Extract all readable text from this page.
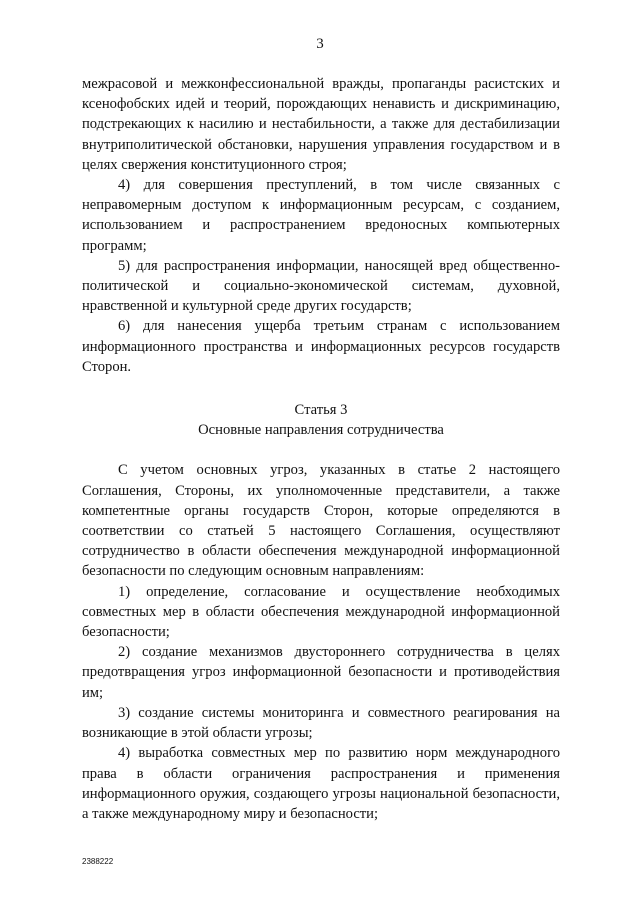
3

межрасовой и межконфессиональной вражды, пропаганды расистских и ксенофобских идей и теорий, порождающих ненависть и дискриминацию, подстрекающих к насилию и нестабильности, а также для дестабилизации внутриполитической обстановки, нарушения управления государством и в целях свержения конституционного строя;

4) для совершения преступлений, в том числе связанных с неправомерным доступом к информационным ресурсам, с созданием, использованием и распространением вредоносных компьютерных программ;

5) для распространения информации, наносящей вред общественно-политической и социально-экономической системам, духовной, нравственной и культурной среде других государств;

6) для нанесения ущерба третьим странам с использованием информационного пространства и информационных ресурсов государств Сторон.

Статья 3
Основные направления сотрудничества

С учетом основных угроз, указанных в статье 2 настоящего Соглашения, Стороны, их уполномоченные представители, а также компетентные органы государств Сторон, которые определяются в соответствии со статьей 5 настоящего Соглашения, осуществляют сотрудничество в области обеспечения международной информационной безопасности по следующим основным направлениям:

1) определение, согласование и осуществление необходимых совместных мер в области обеспечения международной информационной безопасности;

2) создание механизмов двустороннего сотрудничества в целях предотвращения угроз информационной безопасности и противодействия им;

3) создание системы мониторинга и совместного реагирования на возникающие в этой области угрозы;

4) выработка совместных мер по развитию норм международного права в области ограничения распространения и применения информационного оружия, создающего угрозы национальной безопасности, а также международному миру и безопасности;

2388222
